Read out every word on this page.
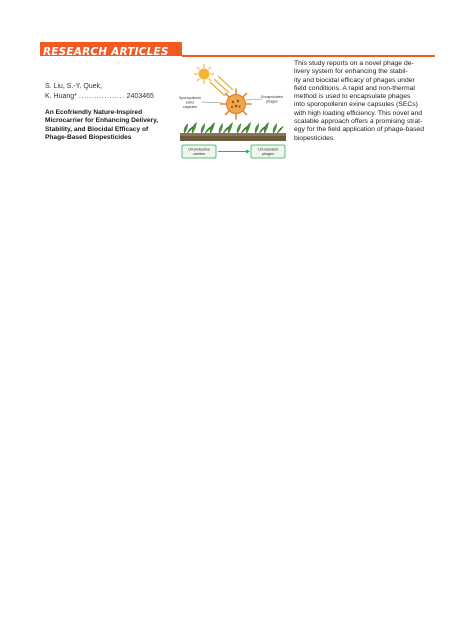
RESEARCH ARTICLES
S. Liu, S.-Y. Quek,
K. Huang* .................. 2403465
An Ecofriendly Nature-Inspired
Microcarrier for Enhancing Delivery,
Stability, and Biocidal Efficacy of
Phage-Based Biopesticides
Sporopollenin
exine
capsules
Encapsulated
phages
UV-protective
carriers
UV-resistant
phages
This study reports on a novel phage de-
livery system for enhancing the stabil-
ity and biocidal efficacy of phages under
field conditions. A rapid and non-thermal
method is used to encapsulate phages
into sporopollenin exine capsules (SECs)
with high loading efficiency. This novel and
scalable approach offers a promising strat-
egy for the field application of phage-based
biopesticides.
